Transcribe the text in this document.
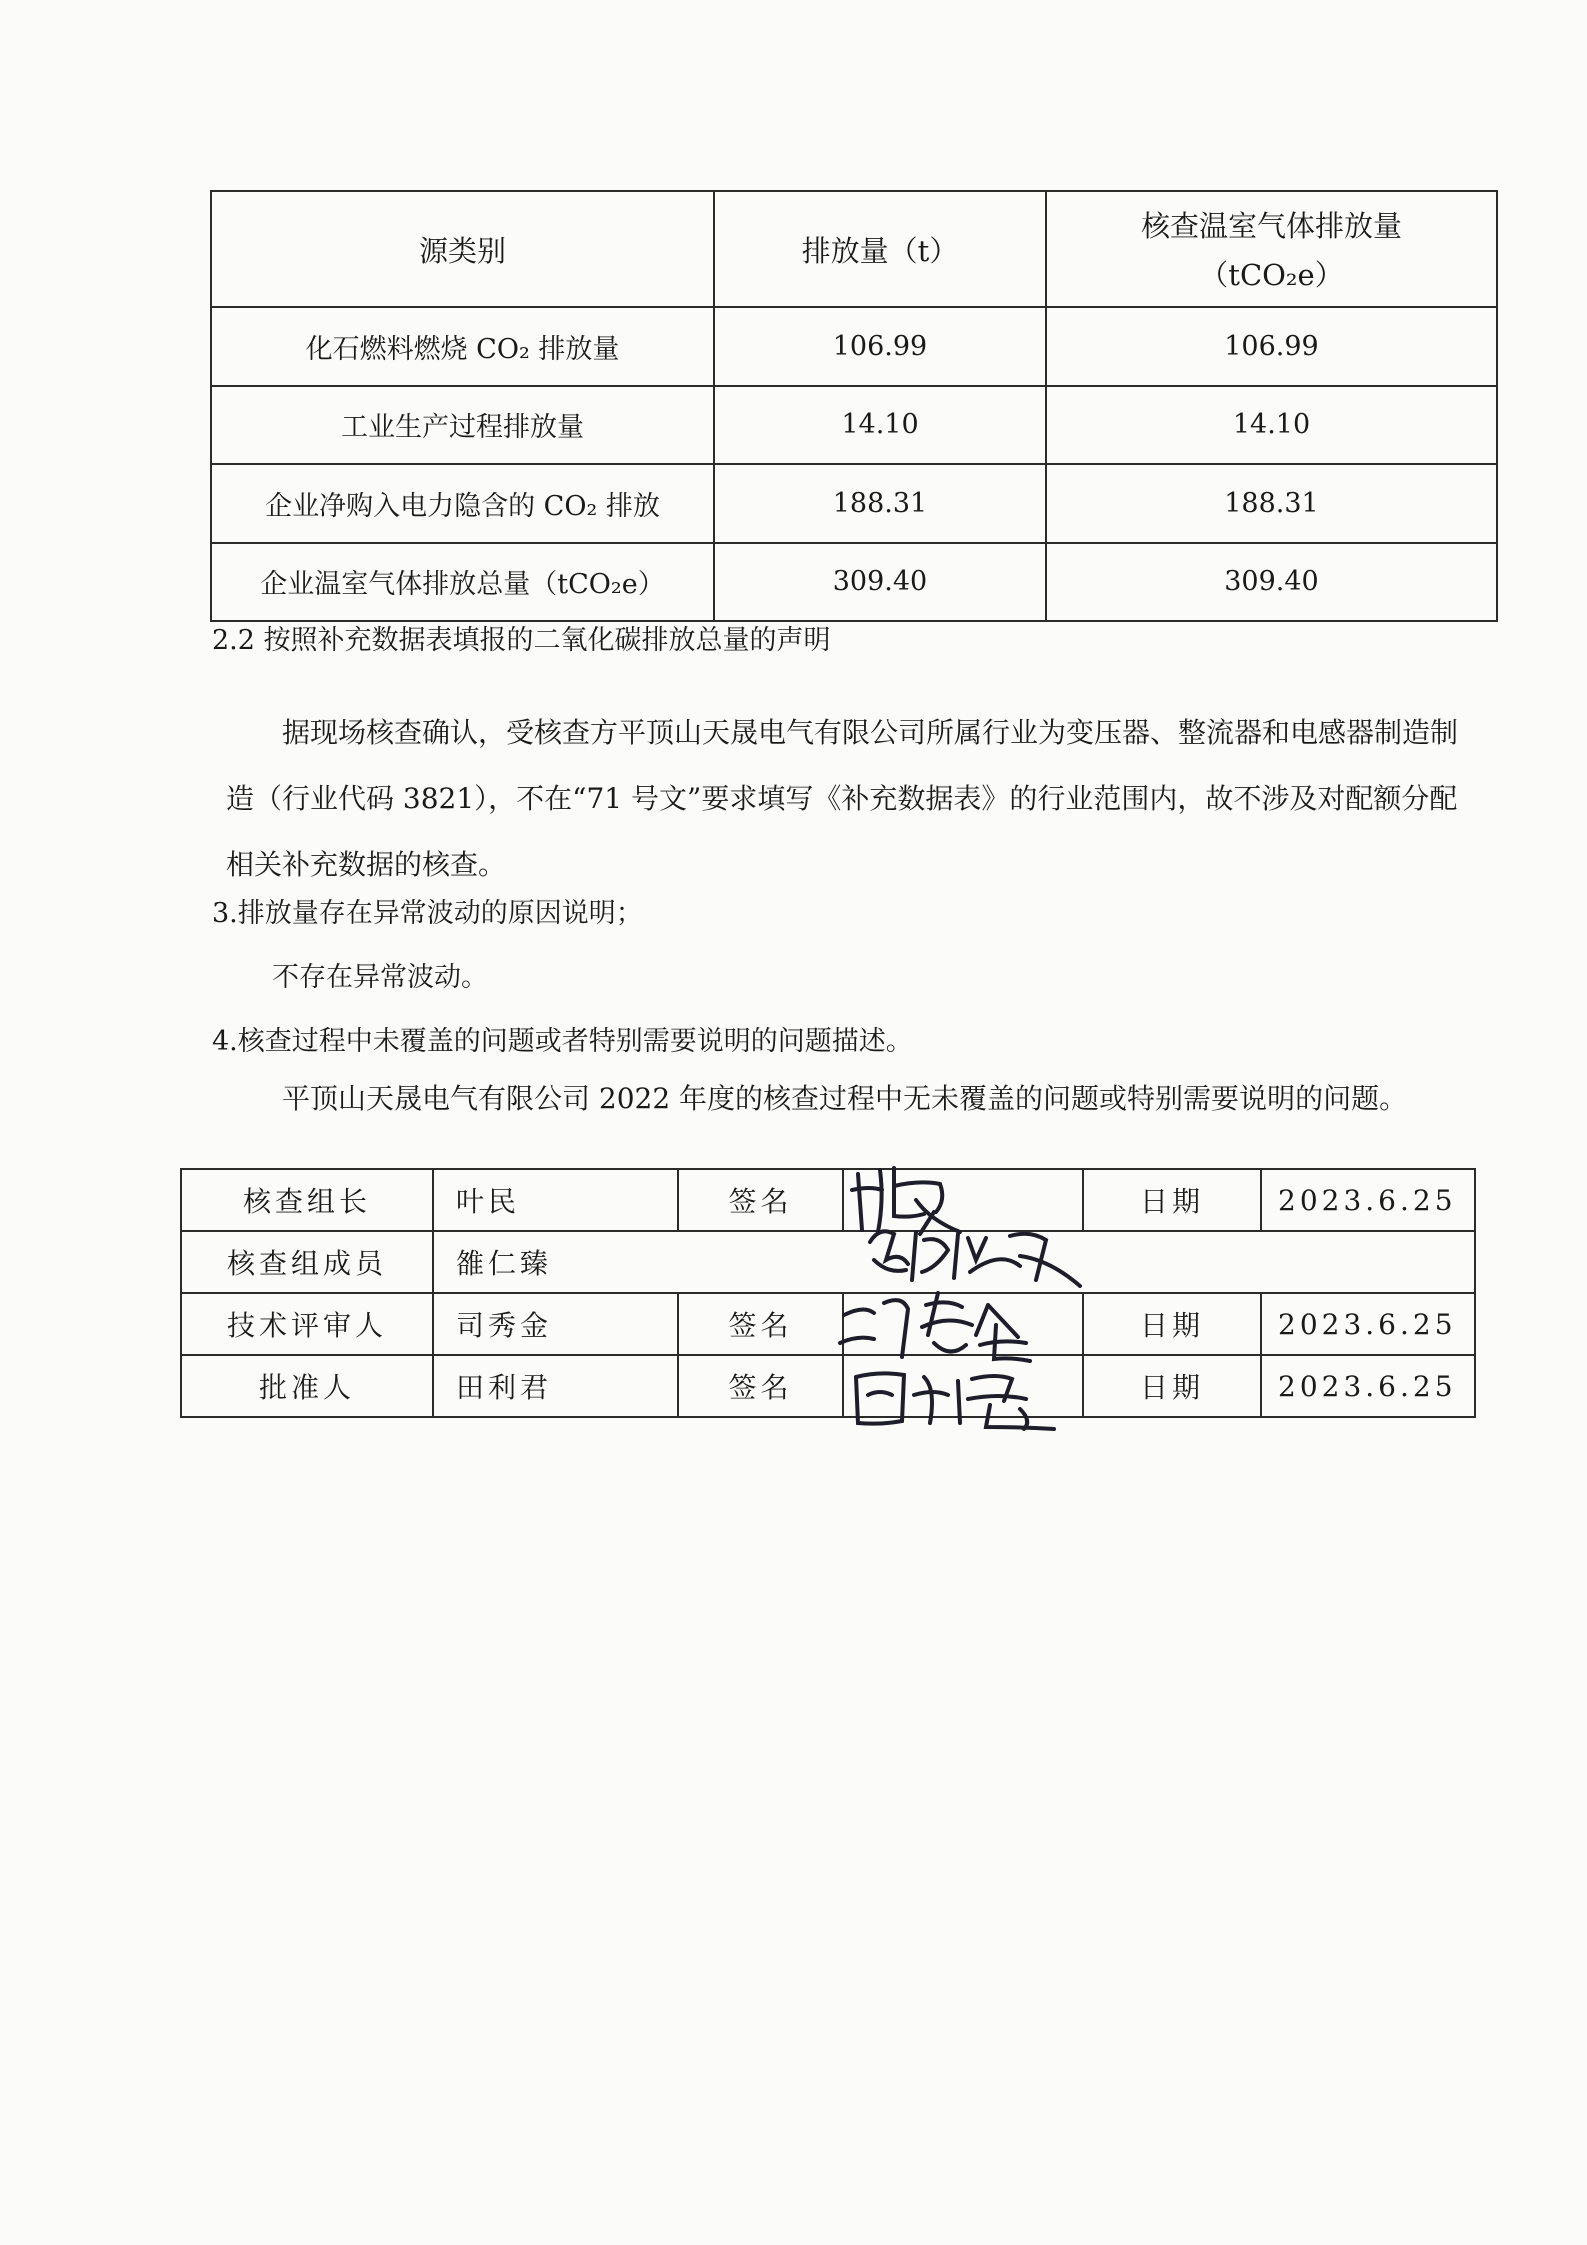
源类别	排放量（t）	核查温室气体排放量
（tCO₂e）

化石燃料燃烧 CO₂ 排放量	106.99	106.99
工业生产过程排放量	14.10	14.10
企业净购入电力隐含的 CO₂ 排放	188.31	188.31
企业温室气体排放总量（tCO₂e）	309.40	309.40
2.2 按照补充数据表填报的二氧化碳排放总量的声明
据现场核查确认，受核查方平顶山天晟电气有限公司所属行业为变压器、整流器和电感器制造制造（行业代码 3821），不在“71 号文”要求填写《补充数据表》的行业范围内，故不涉及对配额分配相关补充数据的核查。
3.排放量存在异常波动的原因说明；
不存在异常波动。
4.核查过程中未覆盖的问题或者特别需要说明的问题描述。
平顶山天晟电气有限公司 2022 年度的核查过程中无未覆盖的问题或特别需要说明的问题。
核查组长	叶民	签名		日期	2023.6.25
核查组成员	雒仁臻				
技术评审人	司秀金	签名		日期	2023.6.25
批准人	田利君	签名		日期	2023.6.25
